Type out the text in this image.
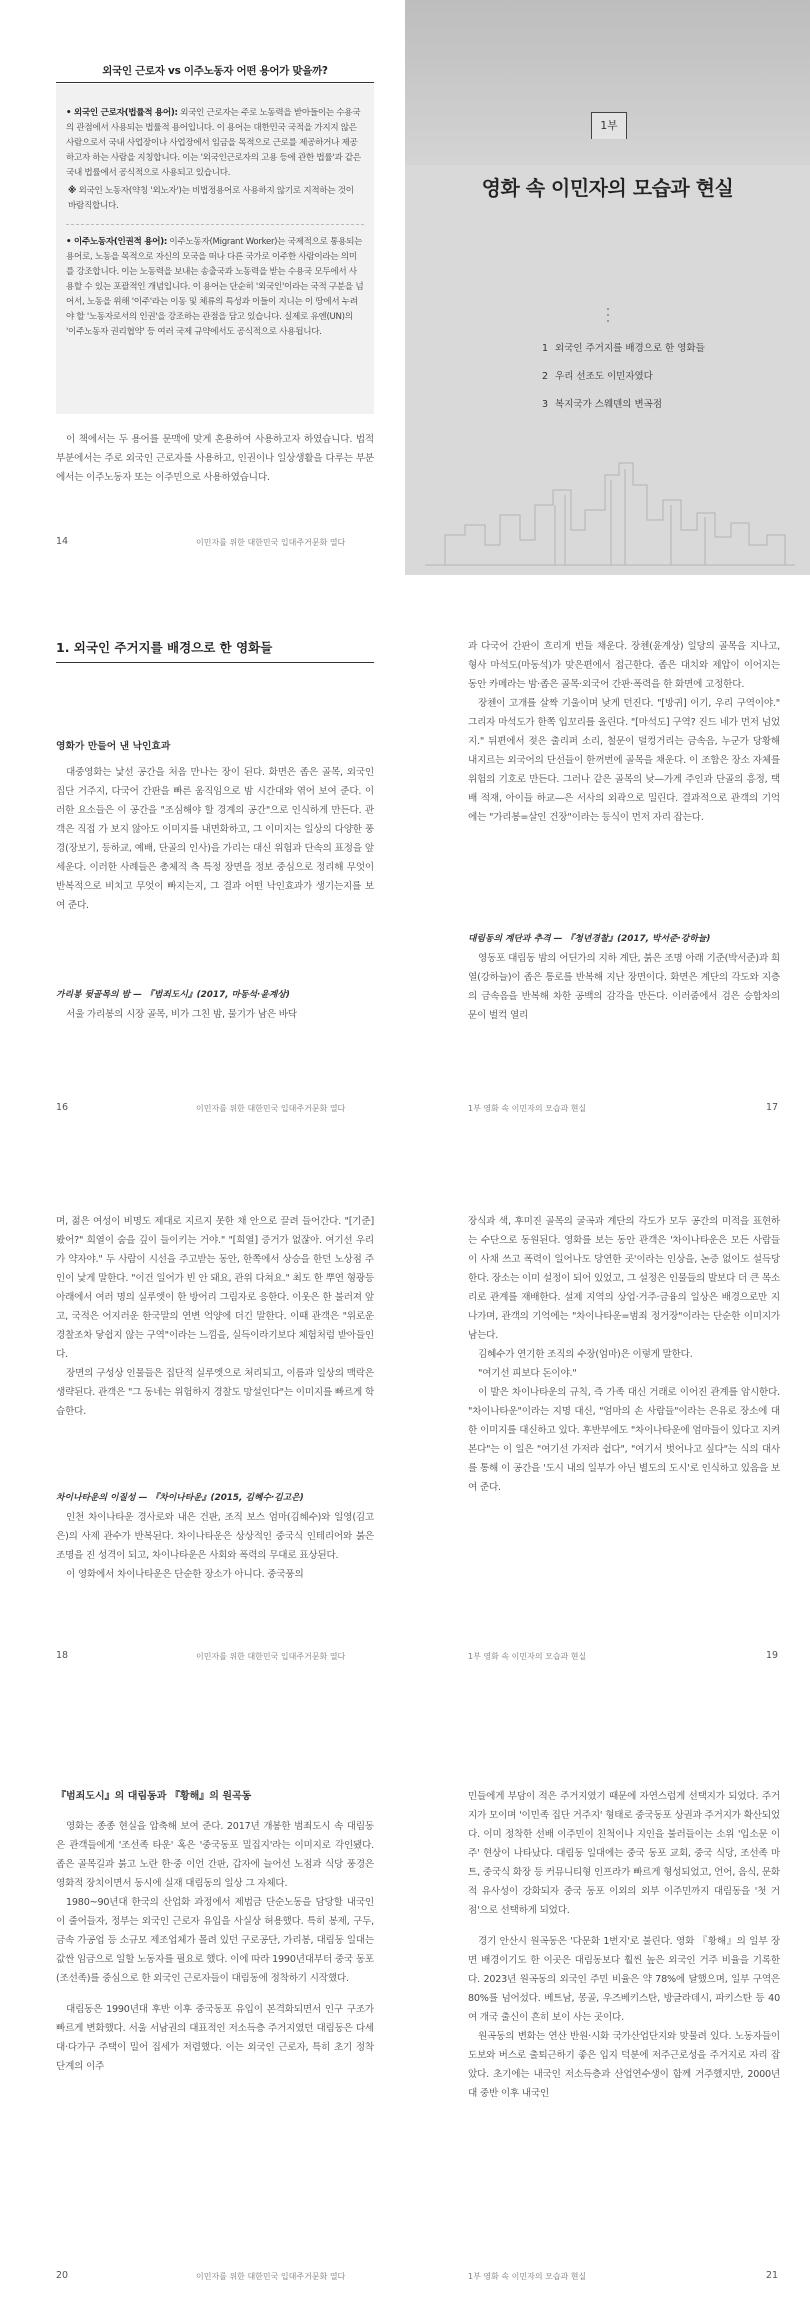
외국인 근로자 vs 이주노동자 어떤 용어가 맞을까?

• 외국인 근로자(법률적 용어): 외국인 근로자는 주로 노동력을 받아들이는 수용국의 관점에서 사용되는 법률적 용어입니다. 이 용어는 대한민국 국적을 가지지 않은 사람으로서 국내 사업장이나 사업장에서 임금을 목적으로 근로를 제공하거나 제공하고자 하는 사람을 지칭합니다. 이는 '외국인근로자의 고용 등에 관한 법률'과 같은 국내 법률에서 공식적으로 사용되고 있습니다.

※ 외국인 노동자(약칭 '외노자')는 비법정용어로 사용하지 않기로 지적하는 것이 바람직합니다.

• 이주노동자(인권적 용어): 이주노동자(Migrant Worker)는 국제적으로 통용되는 용어로, 노동을 목적으로 자신의 모국을 떠나 다른 국가로 이주한 사람이라는 의미를 강조합니다. 이는 노동력을 보내는 송출국과 노동력을 받는 수용국 모두에서 사용할 수 있는 포괄적인 개념입니다. 이 용어는 단순히 '외국인'이라는 국적 구분을 넘어서, 노동을 위해 '이주'라는 이동 및 체류의 특성과 이들이 지니는 이 땅에서 누려야 할 '노동자로서의 인권'을 강조하는 관점을 담고 있습니다. 실제로 유엔(UN)의 '이주노동자 권리협약' 등 여러 국제 규약에서도 공식적으로 사용됩니다.

이 책에서는 두 용어를 문맥에 맞게 혼용하여 사용하고자 하였습니다. 법적부분에서는 주로 외국인 근로자를 사용하고, 인권이나 일상생활을 다루는 부분에서는 이주노동자 또는 이주민으로 사용하였습니다.

14	이민자를 위한 대한민국 입대주거문화 열다
1부
영화 속 이민자의 모습과 현실
1 외국인 주거지를 배경으로 한 영화들
2 우리 선조도 이민자였다
3 복지국가 스웨덴의 변곡점
1. 외국인 주거지를 배경으로 한 영화들
영화가 만들어 낸 낙인효과

대중영화는 낯선 공간을 처음 만나는 장이 된다. 화면은 좁은 골목, 외국인 집단 거주지, 다국어 간판을 빠른 움직임으로 밤 시간대와 엮어 보여 준다. 이러한 요소들은 이 공간을 "조심해야 할 경계의 공간"으로 인식하게 만든다. 관객은 직접 가 보지 않아도 이미지를 내면화하고, 그 이미지는 일상의 다양한 풍경(장보기, 등하교, 예배, 단골의 인사)을 가리는 대신 위험과 단속의 표정을 앞세운다. 이러한 사례들은 총체적 측 특정 장면을 정보 중심으로 정리해 무엇이 반복적으로 비치고 무엇이 빠지는지, 그 결과 어떤 낙인효과가 생기는지를 보여 준다.

가리봉 뒷골목의 밤 — 『범죄도시』(2017, 마동석·윤계상)

서울 가리봉의 시장 골목, 비가 그친 밤, 물기가 남은 바닥

16	이민자를 위한 대한민국 입대주거문화 열다

과 다국어 간판이 흐리게 번들 채운다. 장첸(윤계상) 일당의 골목을 지나고, 형사 마석도(마동석)가 맞은편에서 접근한다. 좁은 대치와 제압이 이어지는 동안 카메라는 밤·좁은 골목·외국어 간판·폭력을 한 화면에 고정한다.

장첸이 고개를 살짝 기울이며 낮게 던진다. "[방귀] 이기, 우리 구역이야." 그리자 마석도가 한쪽 입꼬리를 올린다. "[마석도] 구역? 진드 네가 먼저 넘었지." 뒤편에서 젖은 출리퍼 소리, 철문이 덜컹거리는 금속음, 누군가 당황해 내지르는 외국어의 단선들이 한꺼번에 골목을 채운다. 이 조합은 장소 자체를 위험의 기호로 만든다. 그러나 같은 골목의 낮—가게 주인과 단골의 흥정, 택배 적재, 아이들 하교—은 서사의 외곽으로 밀린다. 결과적으로 관객의 기억에는 "가리봉=살인 건장"이라는 등식이 먼저 자리 잡는다.

대림동의 계단과 추격 — 『청년경찰』(2017, 박서준·강하늘)

영동포 대림동 밤의 어딘가의 지하 계단, 붉은 조명 아래 기준(박서준)과 희열(강하늘)이 좁은 통로를 반복해 지난 장면이다. 화면은 계단의 각도와 지층의 금속음을 반복해 차한 공백의 감각을 만든다. 이러줌에서 검은 승합차의 문이 벌컥 열리

1부 영화 속 이민자의 모습과 현실	17

며, 젊은 여성이 비명도 제대로 지르지 못한 채 안으로 끌려 들어간다. "[기준] 봤어?" 희열이 숨을 깊이 들이키는 거야." "[희열] 증거가 없잖아. 여기선 우리가 약자야." 두 사람이 시선을 주고받는 동안, 한쪽에서 상승을 한던 노상점 주인이 낯게 말한다. "이건 일어가 빈 안 돼요, 관위 다쳐요." 최도 한 뿌연 형광등 아래에서 여러 명의 실루엣이 한 방어리 그림자로 응한다. 이웃은 한 불러져 앞고, 국적은 어지러운 한국말의 연변 억양에 더긴 말한다. 이때 관객은 "위로운 경찰조차 닿쉽지 않는 구역"이라는 느낌을, 실득이라기보다 체험처럼 받아들인다.

장면의 구성상 인물들은 집단적 실루엣으로 처리되고, 이름과 일상의 맥락은 생략된다. 관객은 "그 동네는 위험하지 경찰도 망설인다"는 이미지를 빠르게 학습한다.

차이나타운의 이질성 — 『차이나타운』(2015, 김혜수·김고은)

인천 차이나타운 경사로와 내은 건판, 조직 보스 엄마(김혜수)와 일영(김고은)의 사제 관수가 반복된다. 차이나타운은 상상적인 중국식 인테리어와 붉은 조명을 진 성격이 되고, 차이나타운은 사회와 폭력의 무대로 표상된다.

이 영화에서 차이나타운은 단순한 장소가 아니다. 중국풍의

18	이민자를 위한 대한민국 입대주거문화 열다

장식과 색, 후미진 골목의 굴곡과 계단의 각도가 모두 공간의 미적을 표현하는 수단으로 동원된다. 영화를 보는 동안 관객은 '차이나타운은 모든 사람들이 사채 쓰고 폭력이 일어나도 당연한 곳'이라는 인상을, 논증 없이도 설득당한다. 장소는 이미 설정이 되어 있었고, 그 설정은 인물들의 발보다 더 큰 목소리로 관계를 재배한다. 설제 지역의 상업·거주·금융의 일상은 배경으로만 지나가며, 관객의 기억에는 "차이나타운=범죄 정거장"이라는 단순한 이미지가 남는다.

김혜수가 연기한 조직의 수장(엄마)은 이렇게 말한다.

"여기선 피보다 돈이야."

이 발은 차이나타운의 규칙, 즉 가족 대신 거래로 이어진 관계를 암시한다. "차이나타운"이라는 지명 대신, "엄마의 손 사람들"이라는 은유로 장소에 대한 이미지를 대신하고 있다. 후반부에도 "차이나타운에 엄마들이 있다고 지켜본다"는 이 일은 "여기선 가저라 쉽다", "여기서 벗어나고 싶다"는 식의 대사를 통해 이 공간을 '도시 내의 일부가 아닌 별도의 도시'로 인식하고 있음을 보여 준다.

1부 영화 속 이민자의 모습과 현실	19
『범죄도시』의 대림동과 『황해』의 원곡동

영화는 종종 현실을 압축해 보여 준다. 2017년 개봉한 범죄도시 속 대림동은 관객들에게 '조선족 타운' 혹은 '중국동포 밀집지'라는 이미지로 각인됐다. 좁은 골목길과 붉고 노란 한·중 이언 간판, 갑자에 늘어선 노점과 식당 풍경은 영화적 장치이면서 동시에 실재 대림동의 일상 그 자체다.

1980~90년대 한국의 산업화 과정에서 제법금 단순노동을 담당할 내국인이 줄어들자, 정부는 외국인 근로자 유입을 사실상 허용했다. 특히 봉제, 구두, 금속 가공업 등 소규모 제조업체가 몰려 있던 구로공단, 가리봉, 대림동 일대는 값싼 임금으로 일할 노동자를 필요로 했다. 이에 따라 1990년대부터 중국 동포(조선족)를 중심으로 한 외국인 근로자들이 대림동에 정착하기 시작했다.

대림동은 1990년대 후반 이후 중국동포 유입이 본격화되면서 인구 구조가 빠르게 변화했다. 서울 서남권의 대표적인 저소득층 주거지였던 대림동은 다세대·다가구 주택이 밀어 집세가 저렴했다. 이는 외국인 근로자, 특히 초기 정착 단계의 이주

20	이민자를 위한 대한민국 입대주거문화 열다

민들에게 부담이 적은 주거지였기 때문에 자연스럽게 선택지가 되었다. 주거지가 모이며 '이민족 집단 거주지' 형태로 중국동포 상권과 주거지가 확산되었다. 이미 정착한 선배 이주민이 친척이나 지인을 불러들이는 소위 '입소문 이주' 현상이 나타났다. 대림동 일대에는 중국 동포 교회, 중국 식당, 조선족 마트, 중국식 화장 등 커뮤니티형 인프라가 빠르게 형성되었고, 언어, 음식, 문화적 유사성이 강화되자 중국 동포 이외의 외부 이주민까지 대림동을 '첫 거점'으로 선택하게 되었다.

경기 안산시 원곡동은 '다문화 1번지'로 불린다. 영화 『황해』의 일부 장면 배경이기도 한 이곳은 대림동보다 훨씬 높은 외국인 거주 비율을 기록한다. 2023년 원곡동의 외국인 주민 비율은 약 78%에 달했으며, 일부 구역은 80%를 넘어섰다. 베트남, 몽골, 우즈베키스탄, 방글라데시, 파키스탄 등 40여 개국 출신이 흔히 보이 사는 곳이다.

원곡동의 변화는 연산 반원·시화 국가산업단지와 맞물려 있다. 노동자들이 도보와 버스로 출퇴근하기 좋은 입지 덕분에 저주근로성을 주거지로 자리 잡았다. 초기에는 내국인 저소득층과 산업연수생이 함께 거주했지만, 2000년대 중반 이후 내국인

1부 영화 속 이민자의 모습과 현실	21
